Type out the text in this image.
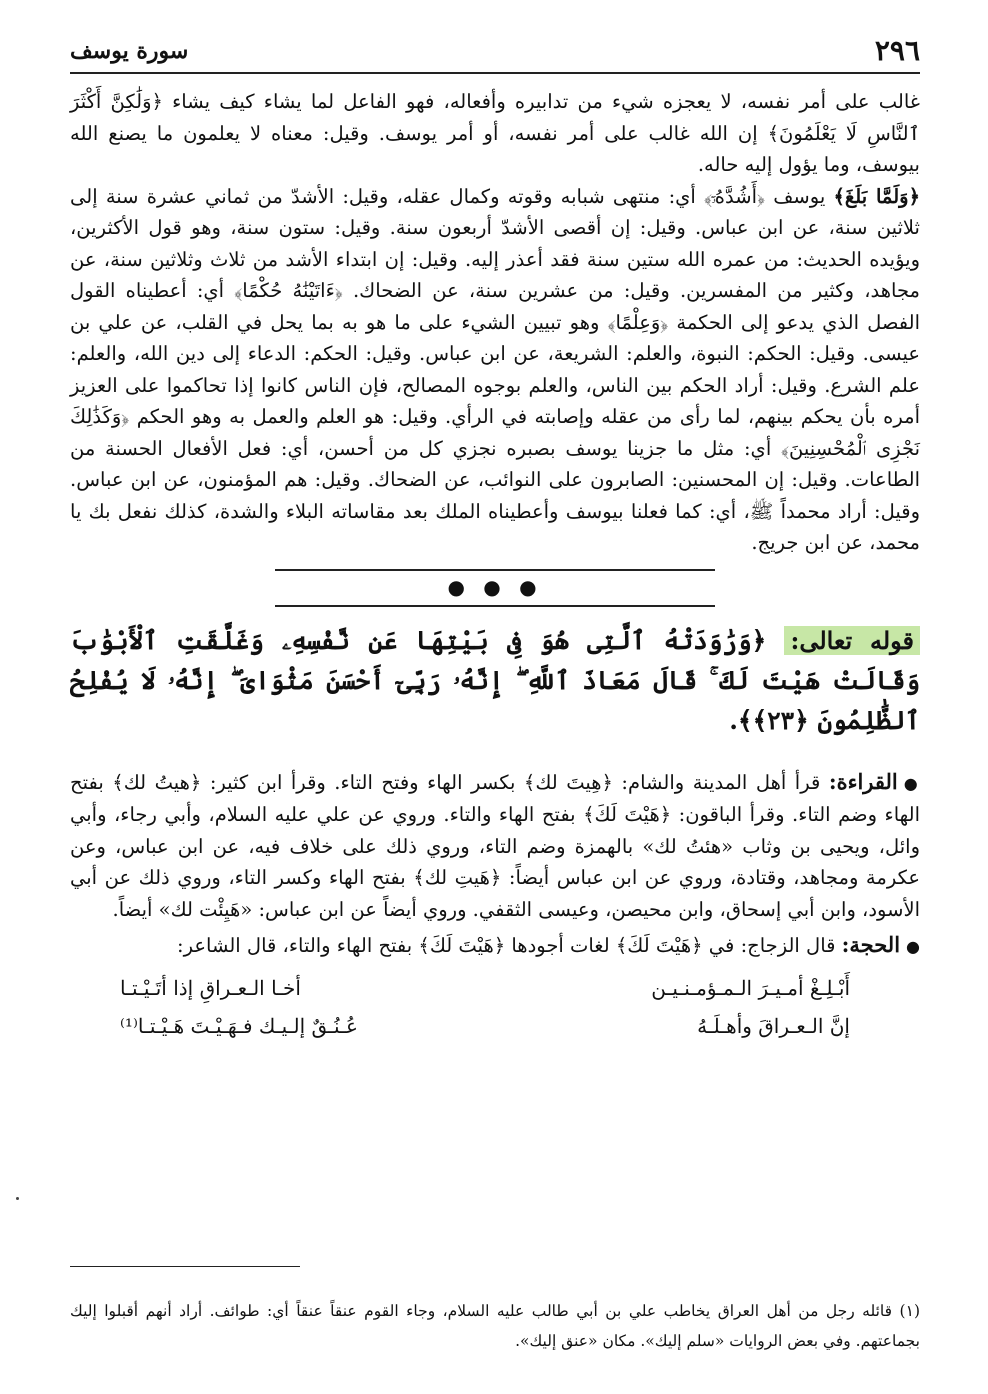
٢٩٦
سورة يوسف

غالب على أمر نفسه، لا يعجزه شيء من تدابيره وأفعاله، فهو الفاعل لما يشاء كيف يشاء ﴿وَلَٰكِنَّ أَكْثَرَ ٱلنَّاسِ لَا يَعْلَمُونَ﴾ إن الله غالب على أمر نفسه، أو أمر يوسف. وقيل: معناه لا يعلمون ما يصنع الله بيوسف، وما يؤول إليه حاله.

﴿وَلَمَّا بَلَغَ﴾ يوسف ﴿أَشُدَّهُۥٓ﴾ أي: منتهى شبابه وقوته وكمال عقله، وقيل: الأشدّ من ثماني عشرة سنة إلى ثلاثين سنة، عن ابن عباس. وقيل: إن أقصى الأشدّ أربعون سنة. وقيل: ستون سنة، وهو قول الأكثرين، ويؤيده الحديث: من عمره الله ستين سنة فقد أعذر إليه. وقيل: إن ابتداء الأشد من ثلاث وثلاثين سنة، عن مجاهد، وكثير من المفسرين. وقيل: من عشرين سنة، عن الضحاك. ﴿ءَاتَيْنَٰهُ حُكْمًا﴾ أي: أعطيناه القول الفصل الذي يدعو إلى الحكمة ﴿وَعِلْمًا﴾ وهو تبيين الشيء على ما هو به بما يحل في القلب، عن علي بن عيسى. وقيل: الحكم: النبوة، والعلم: الشريعة، عن ابن عباس. وقيل: الحكم: الدعاء إلى دين الله، والعلم: علم الشرع. وقيل: أراد الحكم بين الناس، والعلم بوجوه المصالح، فإن الناس كانوا إذا تحاكموا على العزيز أمره بأن يحكم بينهم، لما رأى من عقله وإصابته في الرأي. وقيل: هو العلم والعمل به وهو الحكم ﴿وَكَذَٰلِكَ نَجْزِى ٱلْمُحْسِنِينَ﴾ أي: مثل ما جزينا يوسف بصبره نجزي كل من أحسن، أي: فعل الأفعال الحسنة من الطاعات. وقيل: إن المحسنين: الصابرون على النوائب، عن الضحاك. وقيل: هم المؤمنون، عن ابن عباس. وقيل: أراد محمداً ﷺ، أي: كما فعلنا بيوسف وأعطيناه الملك بعد مقاساته البلاء والشدة، كذلك نفعل بك يا محمد، عن ابن جريج.

● ● ●

قوله تعالى: ﴿وَرَٰوَدَتْهُ ٱلَّتِى هُوَ فِى بَيْتِهَا عَن نَّفْسِهِۦ وَغَلَّقَتِ ٱلْأَبْوَٰبَ وَقَالَتْ هَيْتَ لَكَ ۚ قَالَ مَعَاذَ ٱللَّهِ ۖ إِنَّهُۥ رَبِّىٓ أَحْسَنَ مَثْوَاىَ ۖ إِنَّهُۥ لَا يُفْلِحُ ٱلظَّٰلِمُونَ ﴿٢٣﴾﴾.

●القراءة: قرأ أهل المدينة والشام: ﴿هِيتَ لك﴾ بكسر الهاء وفتح التاء. وقرأ ابن كثير: ﴿هيتُ لك﴾ بفتح الهاء وضم التاء. وقرأ الباقون: ﴿هَيْتَ لَكَ﴾ بفتح الهاء والتاء. وروي عن علي عليه السلام، وأبي رجاء، وأبي وائل، ويحيى بن وثاب «هئتُ لك» بالهمزة وضم التاء، وروي ذلك على خلاف فيه، عن ابن عباس، وعن عكرمة ومجاهد، وقتادة، وروي عن ابن عباس أيضاً: ﴿هَيتِ لك﴾ بفتح الهاء وكسر التاء، وروي ذلك عن أبي الأسود، وابن أبي إسحاق، وابن محيصن، وعيسى الثقفي. وروي أيضاً عن ابن عباس: «هَيِئْت لك» أيضاً.

●الحجة: قال الزجاج: في ﴿هَيْتَ لَكَ﴾ لغات أجودها ﴿هَيْتَ لَكَ﴾ بفتح الهاء والتاء، قال الشاعر:

أَبْـلِـغْ أمـيـرَ الـمـؤمـنـيـن
أخـا الـعـراقِ إذا أتَـيْـتـا
إنَّ الـعـراقَ وأهـلَـهُ
عُـنُـقٌ إلـيـك فـهَـيْـتَ هَـيْـتـا⁽¹⁾

(١) قائله رجل من أهل العراق يخاطب علي بن أبي طالب عليه السلام، وجاء القوم عنقاً عنقاً أي: طوائف. أراد أنهم أقبلوا إليك بجماعتهم. وفي بعض الروايات «سلم إليك». مكان «عنق إليك».
